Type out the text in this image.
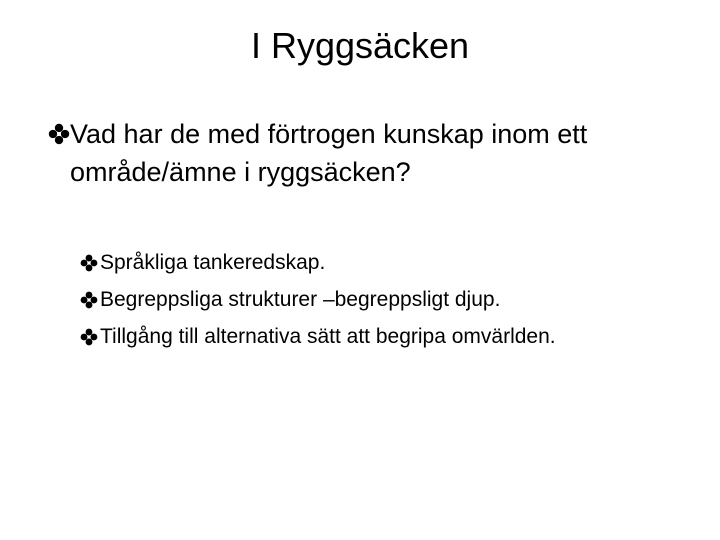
I Ryggsäcken
Vad har de med förtrogen kunskap inom ett område/ämne i ryggsäcken?
Språkliga tankeredskap.
Begreppsliga strukturer –begreppsligt djup.
Tillgång till alternativa sätt att begripa omvärlden.
